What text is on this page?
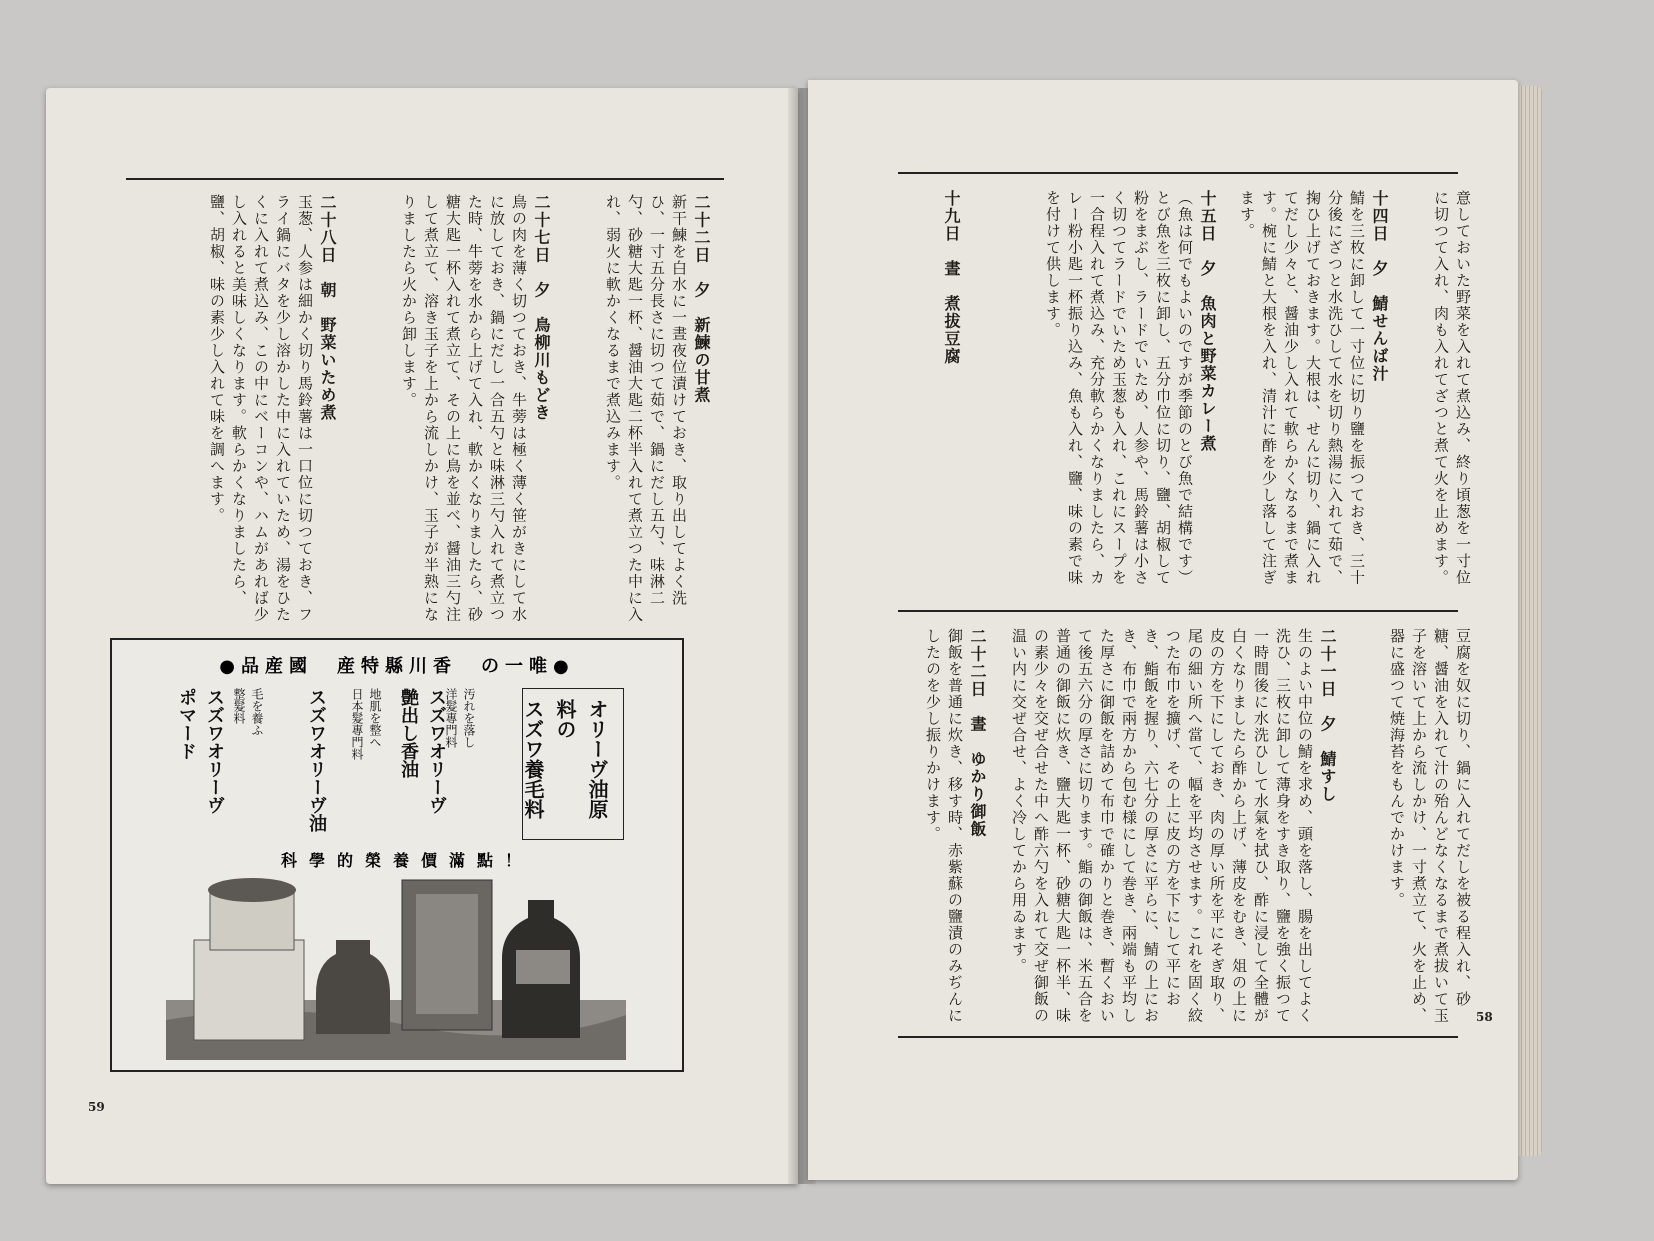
二十二日　夕　新鰊の甘煮
新干鰊を白水に一晝夜位漬けておき、取り出してよく洗ひ、一寸五分長さに切つて茹で、鍋にだし五勺、味淋二勺、砂糖大匙一杯、醤油大匙二杯半入れて煮立つた中に入れ、弱火に軟かくなるまで煮込みます。
二十七日　夕　鳥柳川もどき
鳥の肉を薄く切つておき、牛蒡は極く薄く笹がきにして水に放しておき、鍋にだし一合五勺と味淋三勺入れて煮立つた時、牛蒡を水から上げて入れ、軟かくなりましたら、砂糖大匙一杯入れて煮立て、その上に鳥を並べ、醤油三勺注して煮立て、溶き玉子を上から流しかけ、玉子が半熟になりましたら火から卸します。
二十八日　朝　野菜いため煮
玉葱、人参は細かく切り馬鈴薯は一口位に切つておき、フライ鍋にバタを少し溶かした中に入れていため、湯をひたくに入れて煮込み、この中にベーコンや、ハムがあれば少し入れると美味しくなります。軟らかくなりましたら、鹽、胡椒、味の素少し入れて味を調へます。
●品産國　産特縣川香　の一唯●
オリーヴ油原料の
スズワ養毛料
汚れを落し
洋髮專門料
スズワオリーヴ
艶出し香油
地肌を整へ
日本髮專門料
スズワオリーヴ油
毛を養ふ
整髮料
スズワオリーヴ
ポマード
科學的榮養價滿點！
59
意しておいた野菜を入れて煮込み、終り頃葱を一寸位に切つて入れ、肉も入れてざつと煮て火を止めます。
十四日　夕　鯖せんば汁
鯖を三枚に卸して一寸位に切り鹽を振つておき、三十分後にざつと水洗ひして水を切り熱湯に入れて茹で、掬ひ上げておきます。大根は、せんに切り、鍋に入れてだし少々と、醤油少し入れて軟らかくなるまで煮ます。椀に鯖と大根を入れ、清汁に酢を少し落して注ぎます。
十五日　夕　魚肉と野菜カレー煮
（魚は何でもよいのですが季節のとび魚で結構です）とび魚を三枚に卸し、五分巾位に切り、鹽、胡椒して粉をまぶし、ラードでいため、人参や、馬鈴薯は小さく切つてラードでいため玉葱も入れ、これにスープを一合程入れて煮込み、充分軟らかくなりましたら、カレー粉小匙一杯振り込み、魚も入れ、鹽、味の素で味を付けて供します。
十九日　晝　煮拔豆腐
豆腐を奴に切り、鍋に入れてだしを被る程入れ、砂糖、醤油を入れて汁の殆んどなくなるまで煮拔いて玉子を溶いて上から流しかけ、一寸煮立て、火を止め、器に盛つて焼海苔をもんでかけます。
二十一日　夕　鯖すし
生のよい中位の鯖を求め、頭を落し、腸を出してよく洗ひ、三枚に卸して薄身をすき取り、鹽を強く振つて一時間後に水洗ひして水氣を拭ひ、酢に浸して全體が白くなりましたら酢から上げ、薄皮をむき、俎の上に皮の方を下にしておき、肉の厚い所を平にそぎ取り、尾の細い所へ當て、幅を平均させます。これを固く絞つた布巾を擴げ、その上に皮の方を下にして平におき、鮨飯を握り、六七分の厚さに平らに、鯖の上におき、布巾で兩方から包む様にして巻き、兩端も平均した厚さに御飯を詰めて布巾で確かりと巻き、暫くおいて後五六分の厚さに切ります。鮨の御飯は、米五合を普通の御飯に炊き、鹽大匙一杯、砂糖大匙一杯半、味の素少々を交ぜ合せた中へ酢六勺を入れて交ぜ御飯の温い内に交ぜ合せ、よく冷してから用ゐます。
二十二日　晝　ゆかり御飯
御飯を普通に炊き、移す時、赤紫蘇の鹽漬のみぢんにしたのを少し振りかけます。
58
